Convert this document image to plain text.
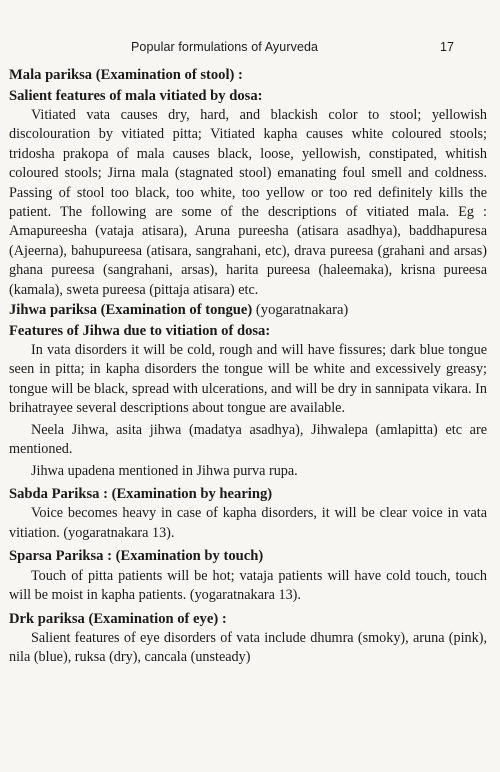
Popular formulations of Ayurveda	17
Mala pariksa (Examination of stool) :
Salient features of mala vitiated by dosa:

Vitiated vata causes dry, hard, and blackish color to stool; yellowish discolouration by vitiated pitta; Vitiated kapha causes white coloured stools; tridosha prakopa of mala causes black, loose, yellowish, constipated, whitish coloured stools; Jirna mala (stagnated stool) emanating foul smell and coldness. Passing of stool too black, too white, too yellow or too red definitely kills the patient. The following are some of the descriptions of vitiated mala. Eg : Amapureesha (vataja atisara), Aruna pureesha (atisara asadhya), baddhapuresa (Ajeerna), bahupureesa (atisara, sangrahani, etc), drava pureesa (grahani and arsas) ghana pureesa (sangrahani, arsas), harita pureesa (haleemaka), krisna pureesa (kamala), sweta pureesa (pittaja atisara) etc.

Jihwa pariksa (Examination of tongue) (yogaratnakara)
Features of Jihwa due to vitiation of dosa:

In vata disorders it will be cold, rough and will have fissures; dark blue tongue seen in pitta; in kapha disorders the tongue will be white and excessively greasy; tongue will be black, spread with ulcerations, and will be dry in sannipata vikara. In brihatrayee several descriptions about tongue are available.

Neela Jihwa, asita jihwa (madatya asadhya), Jihwalepa (amlapitta) etc are mentioned.

Jihwa upadena mentioned in Jihwa purva rupa.

Sabda Pariksa : (Examination by hearing)

Voice becomes heavy in case of kapha disorders, it will be clear voice in vata vitiation. (yogaratnakara 13).

Sparsa Pariksa : (Examination by touch)

Touch of pitta patients will be hot; vataja patients will have cold touch, touch will be moist in kapha patients. (yogaratnakara 13).

Drk pariksa (Examination of eye) :

Salient features of eye disorders of vata include dhumra (smoky), aruna (pink), nila (blue), ruksa (dry), cancala (unsteady)
